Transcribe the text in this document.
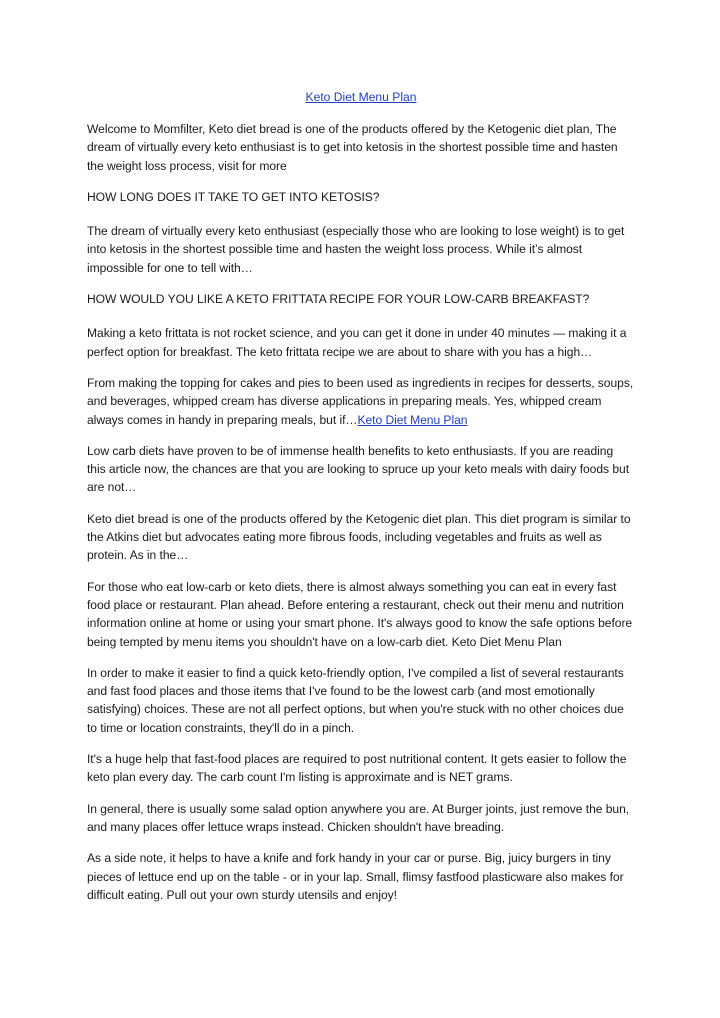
Keto Diet Menu Plan

Welcome to Momfilter, Keto diet bread is one of the products offered by the Ketogenic diet plan, The dream of virtually every keto enthusiast is to get into ketosis in the shortest possible time and hasten the weight loss process, visit for more

HOW LONG DOES IT TAKE TO GET INTO KETOSIS?

The dream of virtually every keto enthusiast (especially those who are looking to lose weight) is to get into ketosis in the shortest possible time and hasten the weight loss process. While it’s almost impossible for one to tell with…

HOW WOULD YOU LIKE A KETO FRITTATA RECIPE FOR YOUR LOW-CARB BREAKFAST?

Making a keto frittata is not rocket science, and you can get it done in under 40 minutes — making it a perfect option for breakfast. The keto frittata recipe we are about to share with you has a high…

From making the topping for cakes and pies to been used as ingredients in recipes for desserts, soups, and beverages, whipped cream has diverse applications in preparing meals. Yes, whipped cream always comes in handy in preparing meals, but if…Keto Diet Menu Plan

Low carb diets have proven to be of immense health benefits to keto enthusiasts. If you are reading this article now, the chances are that you are looking to spruce up your keto meals with dairy foods but are not…

Keto diet bread is one of the products offered by the Ketogenic diet plan. This diet program is similar to the Atkins diet but advocates eating more fibrous foods, including vegetables and fruits as well as protein. As in the…

For those who eat low-carb or keto diets, there is almost always something you can eat in every fast food place or restaurant. Plan ahead. Before entering a restaurant, check out their menu and nutrition information online at home or using your smart phone. It's always good to know the safe options before being tempted by menu items you shouldn't have on a low-carb diet. Keto Diet Menu Plan

In order to make it easier to find a quick keto-friendly option, I've compiled a list of several restaurants and fast food places and those items that I've found to be the lowest carb (and most emotionally satisfying) choices. These are not all perfect options, but when you're stuck with no other choices due to time or location constraints, they'll do in a pinch.

It's a huge help that fast-food places are required to post nutritional content. It gets easier to follow the keto plan every day. The carb count I'm listing is approximate and is NET grams.

In general, there is usually some salad option anywhere you are. At Burger joints, just remove the bun, and many places offer lettuce wraps instead. Chicken shouldn't have breading.

As a side note, it helps to have a knife and fork handy in your car or purse. Big, juicy burgers in tiny pieces of lettuce end up on the table - or in your lap. Small, flimsy fastfood plasticware also makes for difficult eating. Pull out your own sturdy utensils and enjoy!
